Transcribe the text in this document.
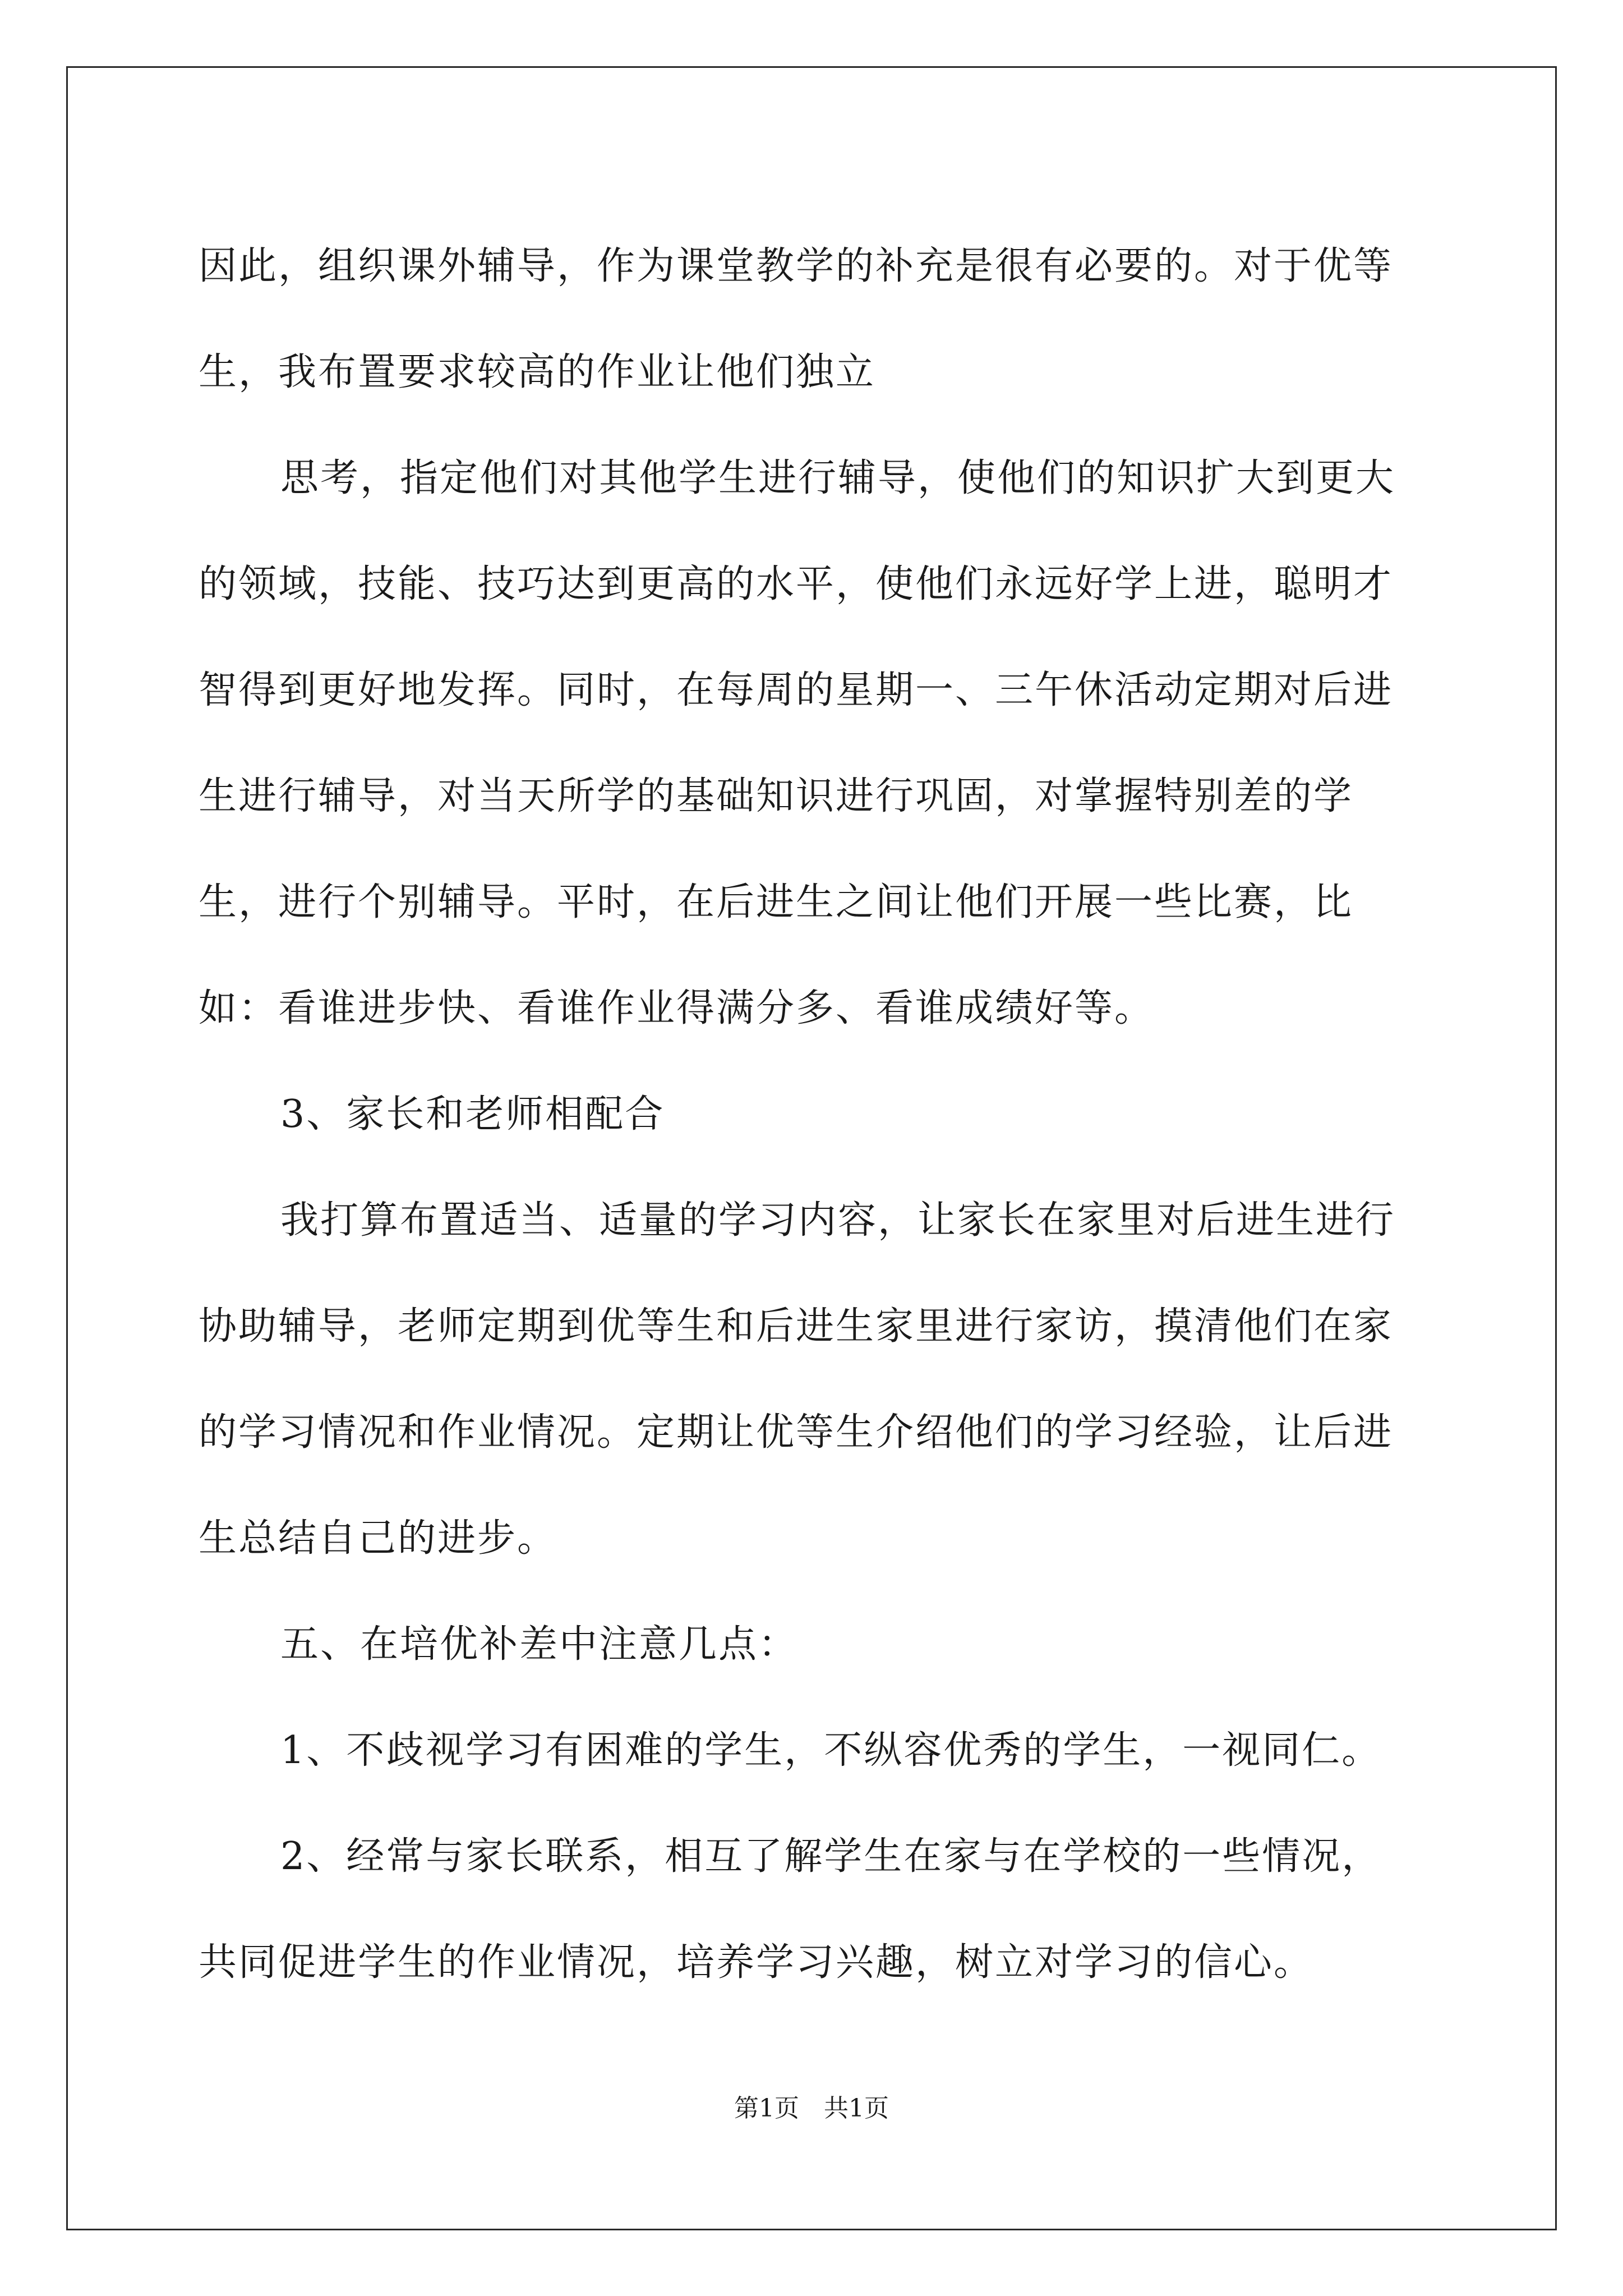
因此，组织课外辅导，作为课堂教学的补充是很有必要的。对于优等生，我布置要求较高的作业让他们独立

思考，指定他们对其他学生进行辅导，使他们的知识扩大到更大的领域，技能、技巧达到更高的水平，使他们永远好学上进，聪明才智得到更好地发挥。同时，在每周的星期一、三午休活动定期对后进生进行辅导，对当天所学的基础知识进行巩固，对掌握特别差的学生，进行个别辅导。平时，在后进生之间让他们开展一些比赛，比如：看谁进步快、看谁作业得满分多、看谁成绩好等。

3、家长和老师相配合

我打算布置适当、适量的学习内容，让家长在家里对后进生进行协助辅导，老师定期到优等生和后进生家里进行家访，摸清他们在家的学习情况和作业情况。定期让优等生介绍他们的学习经验，让后进生总结自己的进步。

五、在培优补差中注意几点：

1、不歧视学习有困难的学生，不纵容优秀的学生，一视同仁。

2、经常与家长联系，相互了解学生在家与在学校的一些情况，共同促进学生的作业情况，培养学习兴趣，树立对学习的信心。

第1页　共1页
